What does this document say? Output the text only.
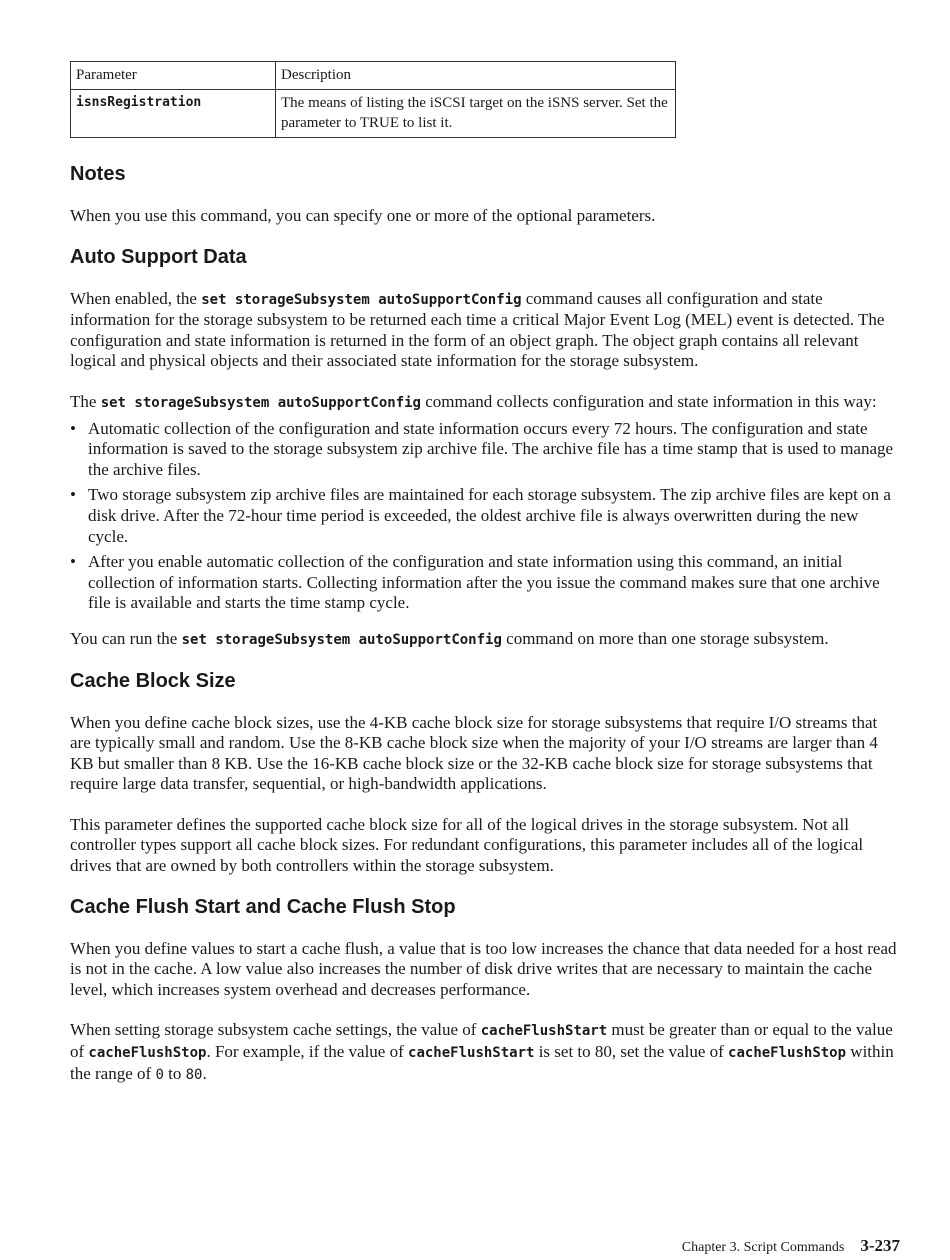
Parameter	Description
isnsRegistration	The means of listing the iSCSI target on the iSNS server. Set the parameter to TRUE to list it.
Notes

When you use this command, you can specify one or more of the optional parameters.

Auto Support Data

When enabled, the set storageSubsystem autoSupportConfig command causes all configuration and state information for the storage subsystem to be returned each time a critical Major Event Log (MEL) event is detected. The configuration and state information is returned in the form of an object graph. The object graph contains all relevant logical and physical objects and their associated state information for the storage subsystem.

The set storageSubsystem autoSupportConfig command collects configuration and state information in this way:

• Automatic collection of the configuration and state information occurs every 72 hours. The configuration and state information is saved to the storage subsystem zip archive file. The archive file has a time stamp that is used to manage the archive files.
• Two storage subsystem zip archive files are maintained for each storage subsystem. The zip archive files are kept on a disk drive. After the 72-hour time period is exceeded, the oldest archive file is always overwritten during the new cycle.
• After you enable automatic collection of the configuration and state information using this command, an initial collection of information starts. Collecting information after the you issue the command makes sure that one archive file is available and starts the time stamp cycle.

You can run the set storageSubsystem autoSupportConfig command on more than one storage subsystem.

Cache Block Size

When you define cache block sizes, use the 4-KB cache block size for storage subsystems that require I/O streams that are typically small and random. Use the 8-KB cache block size when the majority of your I/O streams are larger than 4 KB but smaller than 8 KB. Use the 16-KB cache block size or the 32-KB cache block size for storage subsystems that require large data transfer, sequential, or high-bandwidth applications.

This parameter defines the supported cache block size for all of the logical drives in the storage subsystem. Not all controller types support all cache block sizes. For redundant configurations, this parameter includes all of the logical drives that are owned by both controllers within the storage subsystem.

Cache Flush Start and Cache Flush Stop

When you define values to start a cache flush, a value that is too low increases the chance that data needed for a host read is not in the cache. A low value also increases the number of disk drive writes that are necessary to maintain the cache level, which increases system overhead and decreases performance.

When setting storage subsystem cache settings, the value of cacheFlushStart must be greater than or equal to the value of cacheFlushStop. For example, if the value of cacheFlushStart is set to 80, set the value of cacheFlushStop within the range of 0 to 80.

Chapter 3. Script Commands 3-237
